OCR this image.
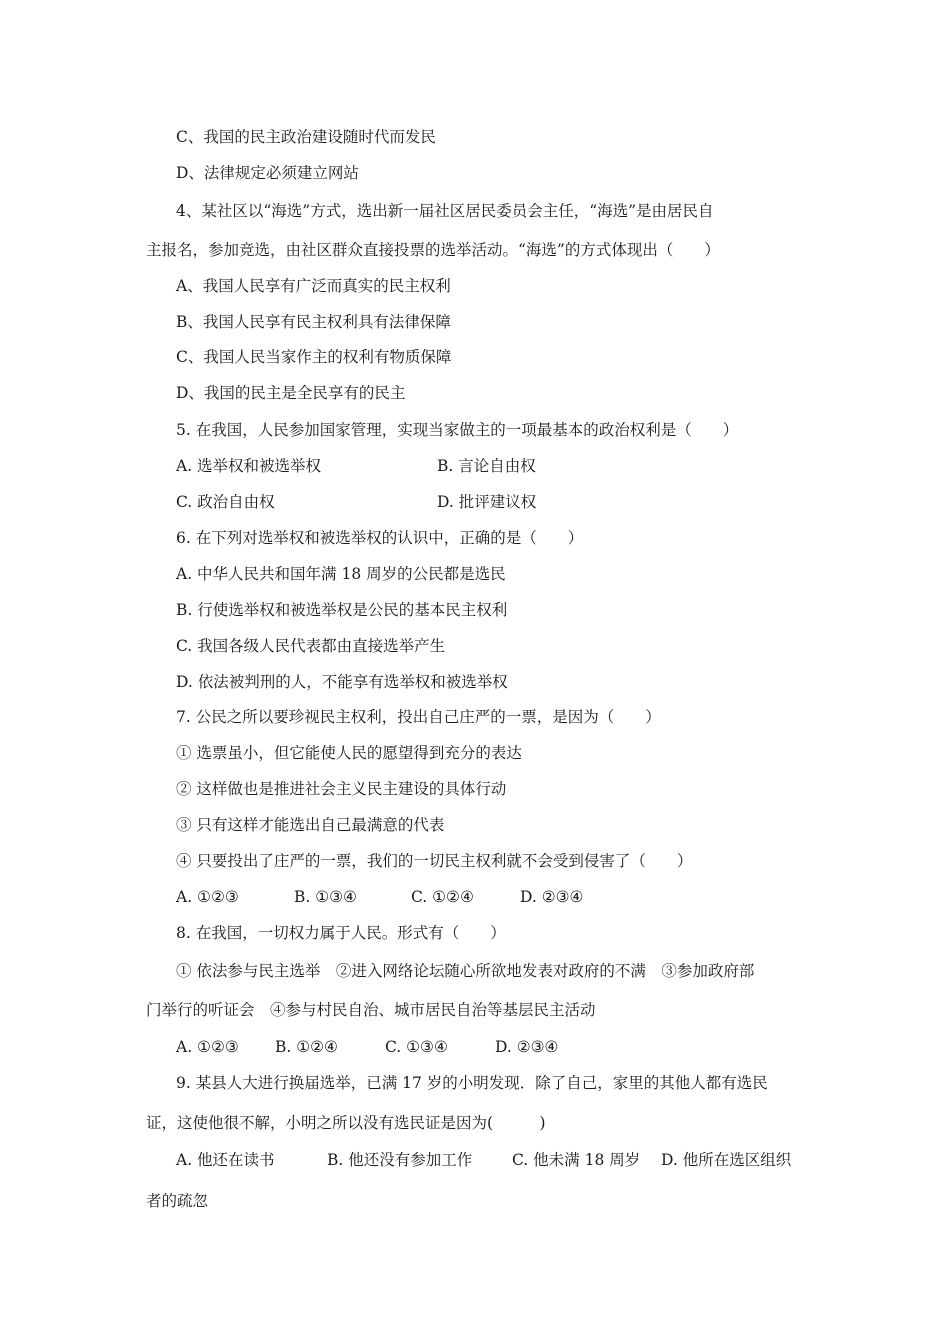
C、我国的民主政治建设随时代而发民
D、法律规定必须建立网站
4、某社区以“海选”方式，选出新一届社区居民委员会主任，“海选”是由居民自
主报名，参加竞选，由社区群众直接投票的选举活动。“海选”的方式体现出（　　）
A、我国人民享有广泛而真实的民主权利
B、我国人民享有民主权利具有法律保障
C、我国人民当家作主的权利有物质保障
D、我国的民主是全民享有的民主
5. 在我国，人民参加国家管理，实现当家做主的一项最基本的政治权利是（　　）
A. 选举权和被选举权	B. 言论自由权
C. 政治自由权	D. 批评建议权
6. 在下列对选举权和被选举权的认识中，正确的是（　　）
A. 中华人民共和国年满 18 周岁的公民都是选民
B. 行使选举权和被选举权是公民的基本民主权利
C. 我国各级人民代表都由直接选举产生
D. 依法被判刑的人，不能享有选举权和被选举权
7. 公民之所以要珍视民主权利，投出自己庄严的一票，是因为（　　）
① 选票虽小，但它能使人民的愿望得到充分的表达
② 这样做也是推进社会主义民主建设的具体行动
③ 只有这样才能选出自己最满意的代表
④ 只要投出了庄严的一票，我们的一切民主权利就不会受到侵害了（　　）
A. ①②③	B. ①③④	C. ①②④	D. ②③④
8. 在我国，一切权力属于人民。形式有（　　）
① 依法参与民主选举　②进入网络论坛随心所欲地发表对政府的不满　③参加政府部
门举行的听证会　④参与村民自治、城市居民自治等基层民主活动
A. ①②③ B. ①②④	C. ①③④	D. ②③④
9. 某县人大进行换届选举，已满 17 岁的小明发现．除了自己，家里的其他人都有选民
证，这使他很不解，小明之所以没有选民证是因为(　　　)
A. 他还在读书	B. 他还没有参加工作	C. 他未满 18 周岁 D. 他所在选区组织
者的疏忽
